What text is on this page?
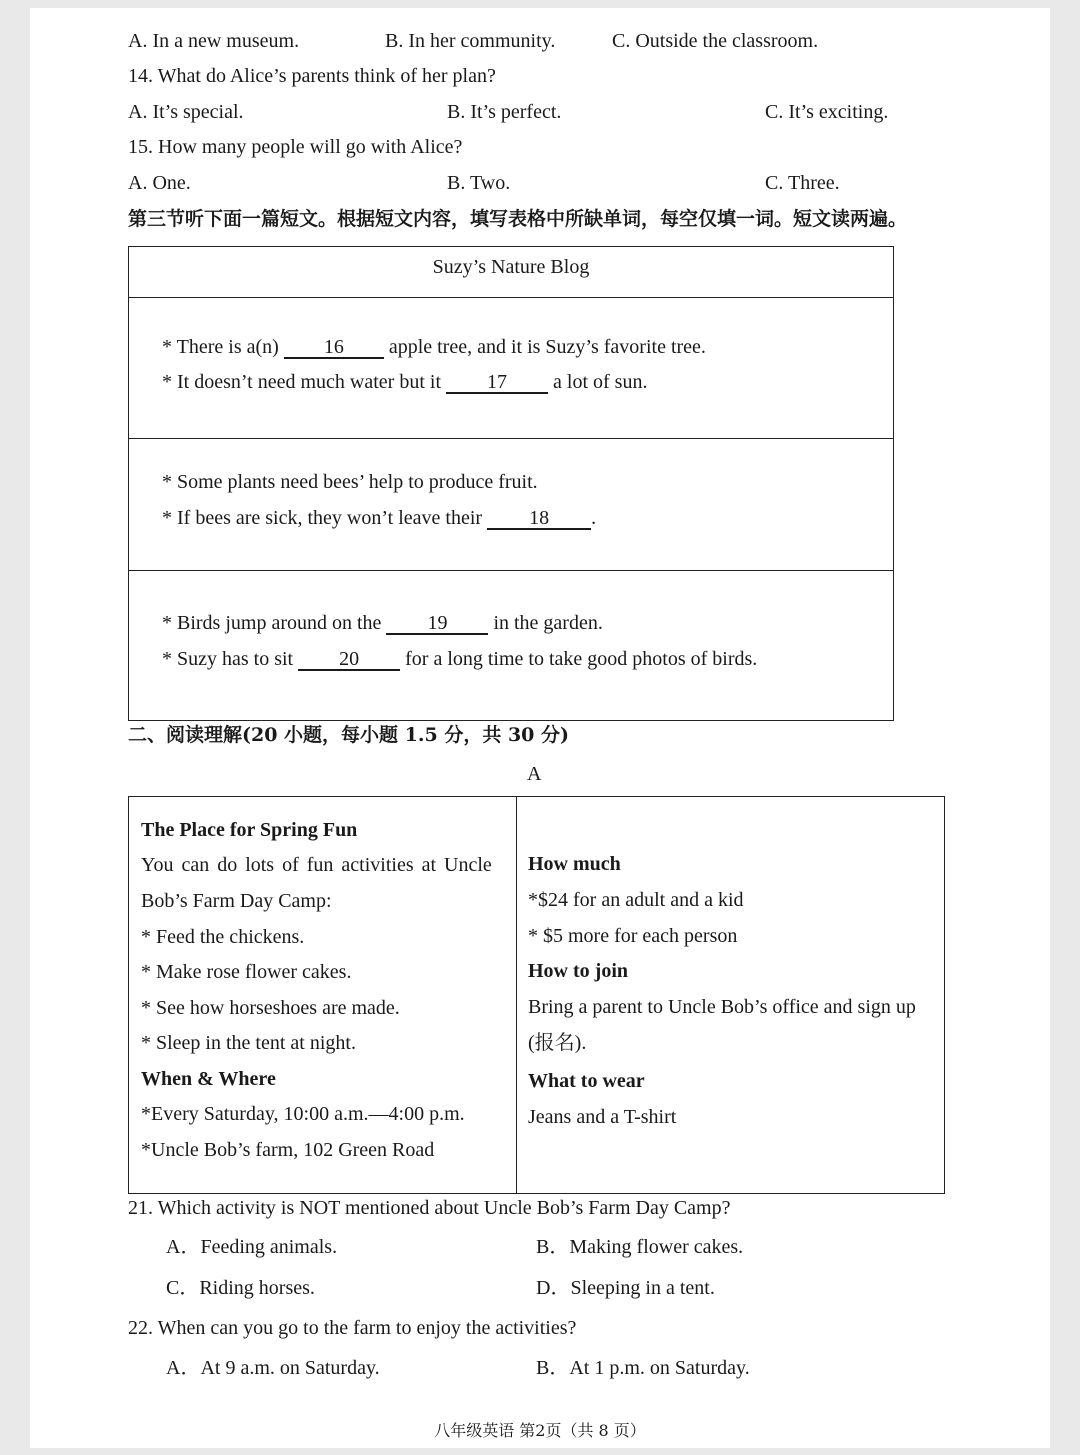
A. In a new museum.	B. In her community.	C. Outside the classroom.
14. What do Alice’s parents think of her plan?
A. It’s special.	B. It’s perfect.	C. It’s exciting.
15. How many people will go with Alice?
A. One.	B. Two.	C. Three.
第三节听下面一篇短文。根据短文内容，填写表格中所缺单词，每空仅填一词。短文读两遍。
Suzy’s Nature Blog
* There is a(n) 16 apple tree, and it is Suzy’s favorite tree.
* It doesn’t need much water but it 17 a lot of sun.
* Some plants need bees’ help to produce fruit.
* If bees are sick, they won’t leave their 18 .
* Birds jump around on the 19 in the garden.
* Suzy has to sit 20 for a long time to take good photos of birds.
二、阅读理解(20 小题，每小题 1.5 分，共 30 分)
A
The Place for Spring Fun
You can do lots of fun activities at Uncle
Bob’s Farm Day Camp:
* Feed the chickens.
* Make rose flower cakes.
* See how horseshoes are made.
* Sleep in the tent at night.
When & Where
*Every Saturday, 10:00 a.m.—4:00 p.m.
*Uncle Bob’s farm, 102 Green Road
How much
*$24 for an adult and a kid
* $5 more for each person
How to join
Bring a parent to Uncle Bob’s office and sign up
(报名).
What to wear
Jeans and a T-shirt
21. Which activity is NOT mentioned about Uncle Bob’s Farm Day Camp?
A．Feeding animals.	B．Making flower cakes.
C．Riding horses.	D．Sleeping in a tent.
22. When can you go to the farm to enjoy the activities?
A．At 9 a.m. on Saturday.	B．At 1 p.m. on Saturday.
八年级英语 第2页（共 8 页）
